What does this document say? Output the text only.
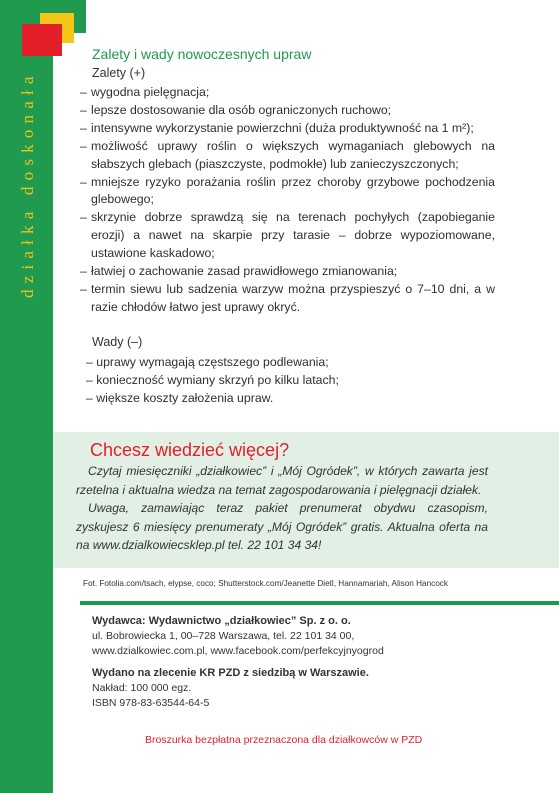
działka doskonała
Zalety i wady nowoczesnych upraw
Zalety (+)
– wygodna pielęgnacja;
– lepsze dostosowanie dla osób ograniczonych ruchowo;
– intensywne wykorzystanie powierzchni (duża produktywność na 1 m²);
– możliwość uprawy roślin o większych wymaganiach glebowych na słabszych glebach (piaszczyste, podmokłe) lub zanieczyszczonych;
– mniejsze ryzyko porażania roślin przez choroby grzybowe pochodzenia glebowego;
– skrzynie dobrze sprawdzą się na terenach pochyłych (zapobieganie erozji) a nawet na skarpie przy tarasie – dobrze wypoziomowane, ustawione kaskadowo;
– łatwiej o zachowanie zasad prawidłowego zmianowania;
– termin siewu lub sadzenia warzyw można przyspieszyć o 7–10 dni, a w razie chłodów łatwo jest uprawy okryć.
Wady (–)
– uprawy wymagają częstszego podlewania;
– konieczność wymiany skrzyń po kilku latach;
– większe koszty założenia upraw.
Chcesz wiedzieć więcej?

Czytaj miesięczniki „działkowiec” i „Mój Ogródek”, w których zawarta jest rzetelna i aktualna wiedza na temat zagospodarowania i pielęgnacji działek.

Uwaga, zamawiając teraz pakiet prenumerat obydwu czasopism, zyskujesz 6 miesięcy prenumeraty „Mój Ogródek” gratis. Aktualna oferta na na www.dzialkowiecsklep.pl tel. 22 101 34 34!

Fot. Fotolia.com/tsach, elypse, coco; Shutterstock.com/Jeanette Dietl, Hannamariah, Alison Hancock
Wydawca: Wydawnictwo „działkowiec” Sp. z o. o.
ul. Bobrowiecka 1, 00–728 Warszawa, tel. 22 101 34 00,
www.dzialkowiec.com.pl, www.facebook.com/perfekcyjnyogrod
Wydano na zlecenie KR PZD z siedzibą w Warszawie.
Nakład: 100 000 egz.
ISBN 978-83-63544-64-5
Broszurka bezpłatna przeznaczona dla działkowców w PZD
